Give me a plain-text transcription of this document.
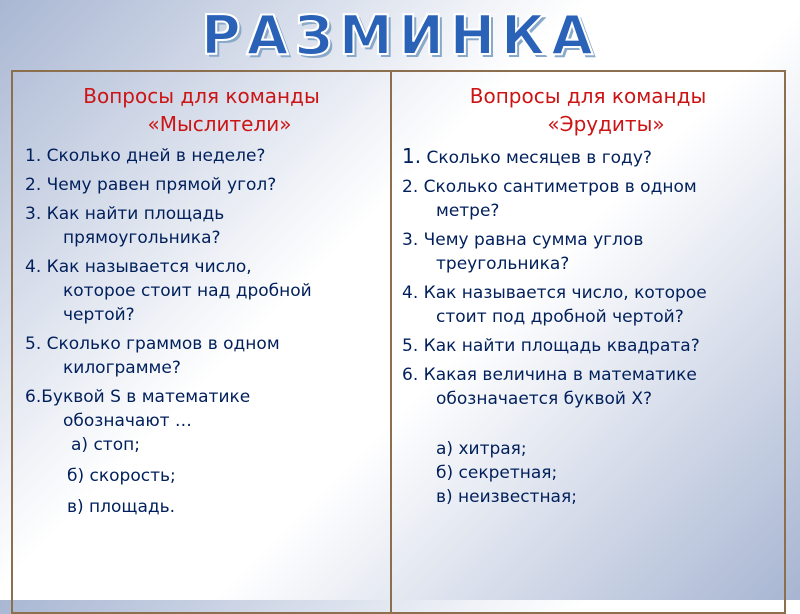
РАЗМИНКА
Вопросы для команды
«Мыслители»
1. Сколько дней в неделе?
2. Чему равен прямой угол?
3. Как найти площадь
прямоугольника?
4. Как называется число,
которое стоит над дробной
чертой?
5. Сколько граммов в одном
килограмме?
6.Буквой S в математике
обозначают …
а) стоп;
б) скорость;
в) площадь.
Вопросы для команды
«Эрудиты»
1. Сколько месяцев в году?
2. Сколько сантиметров в одном
метре?
3. Чему равна сумма углов
треугольника?
4. Как называется число, которое
стоит под дробной чертой?
5. Как найти площадь квадрата?
6. Какая величина в математике
обозначается буквой Х?
а) хитрая;
б) секретная;
в) неизвестная;
